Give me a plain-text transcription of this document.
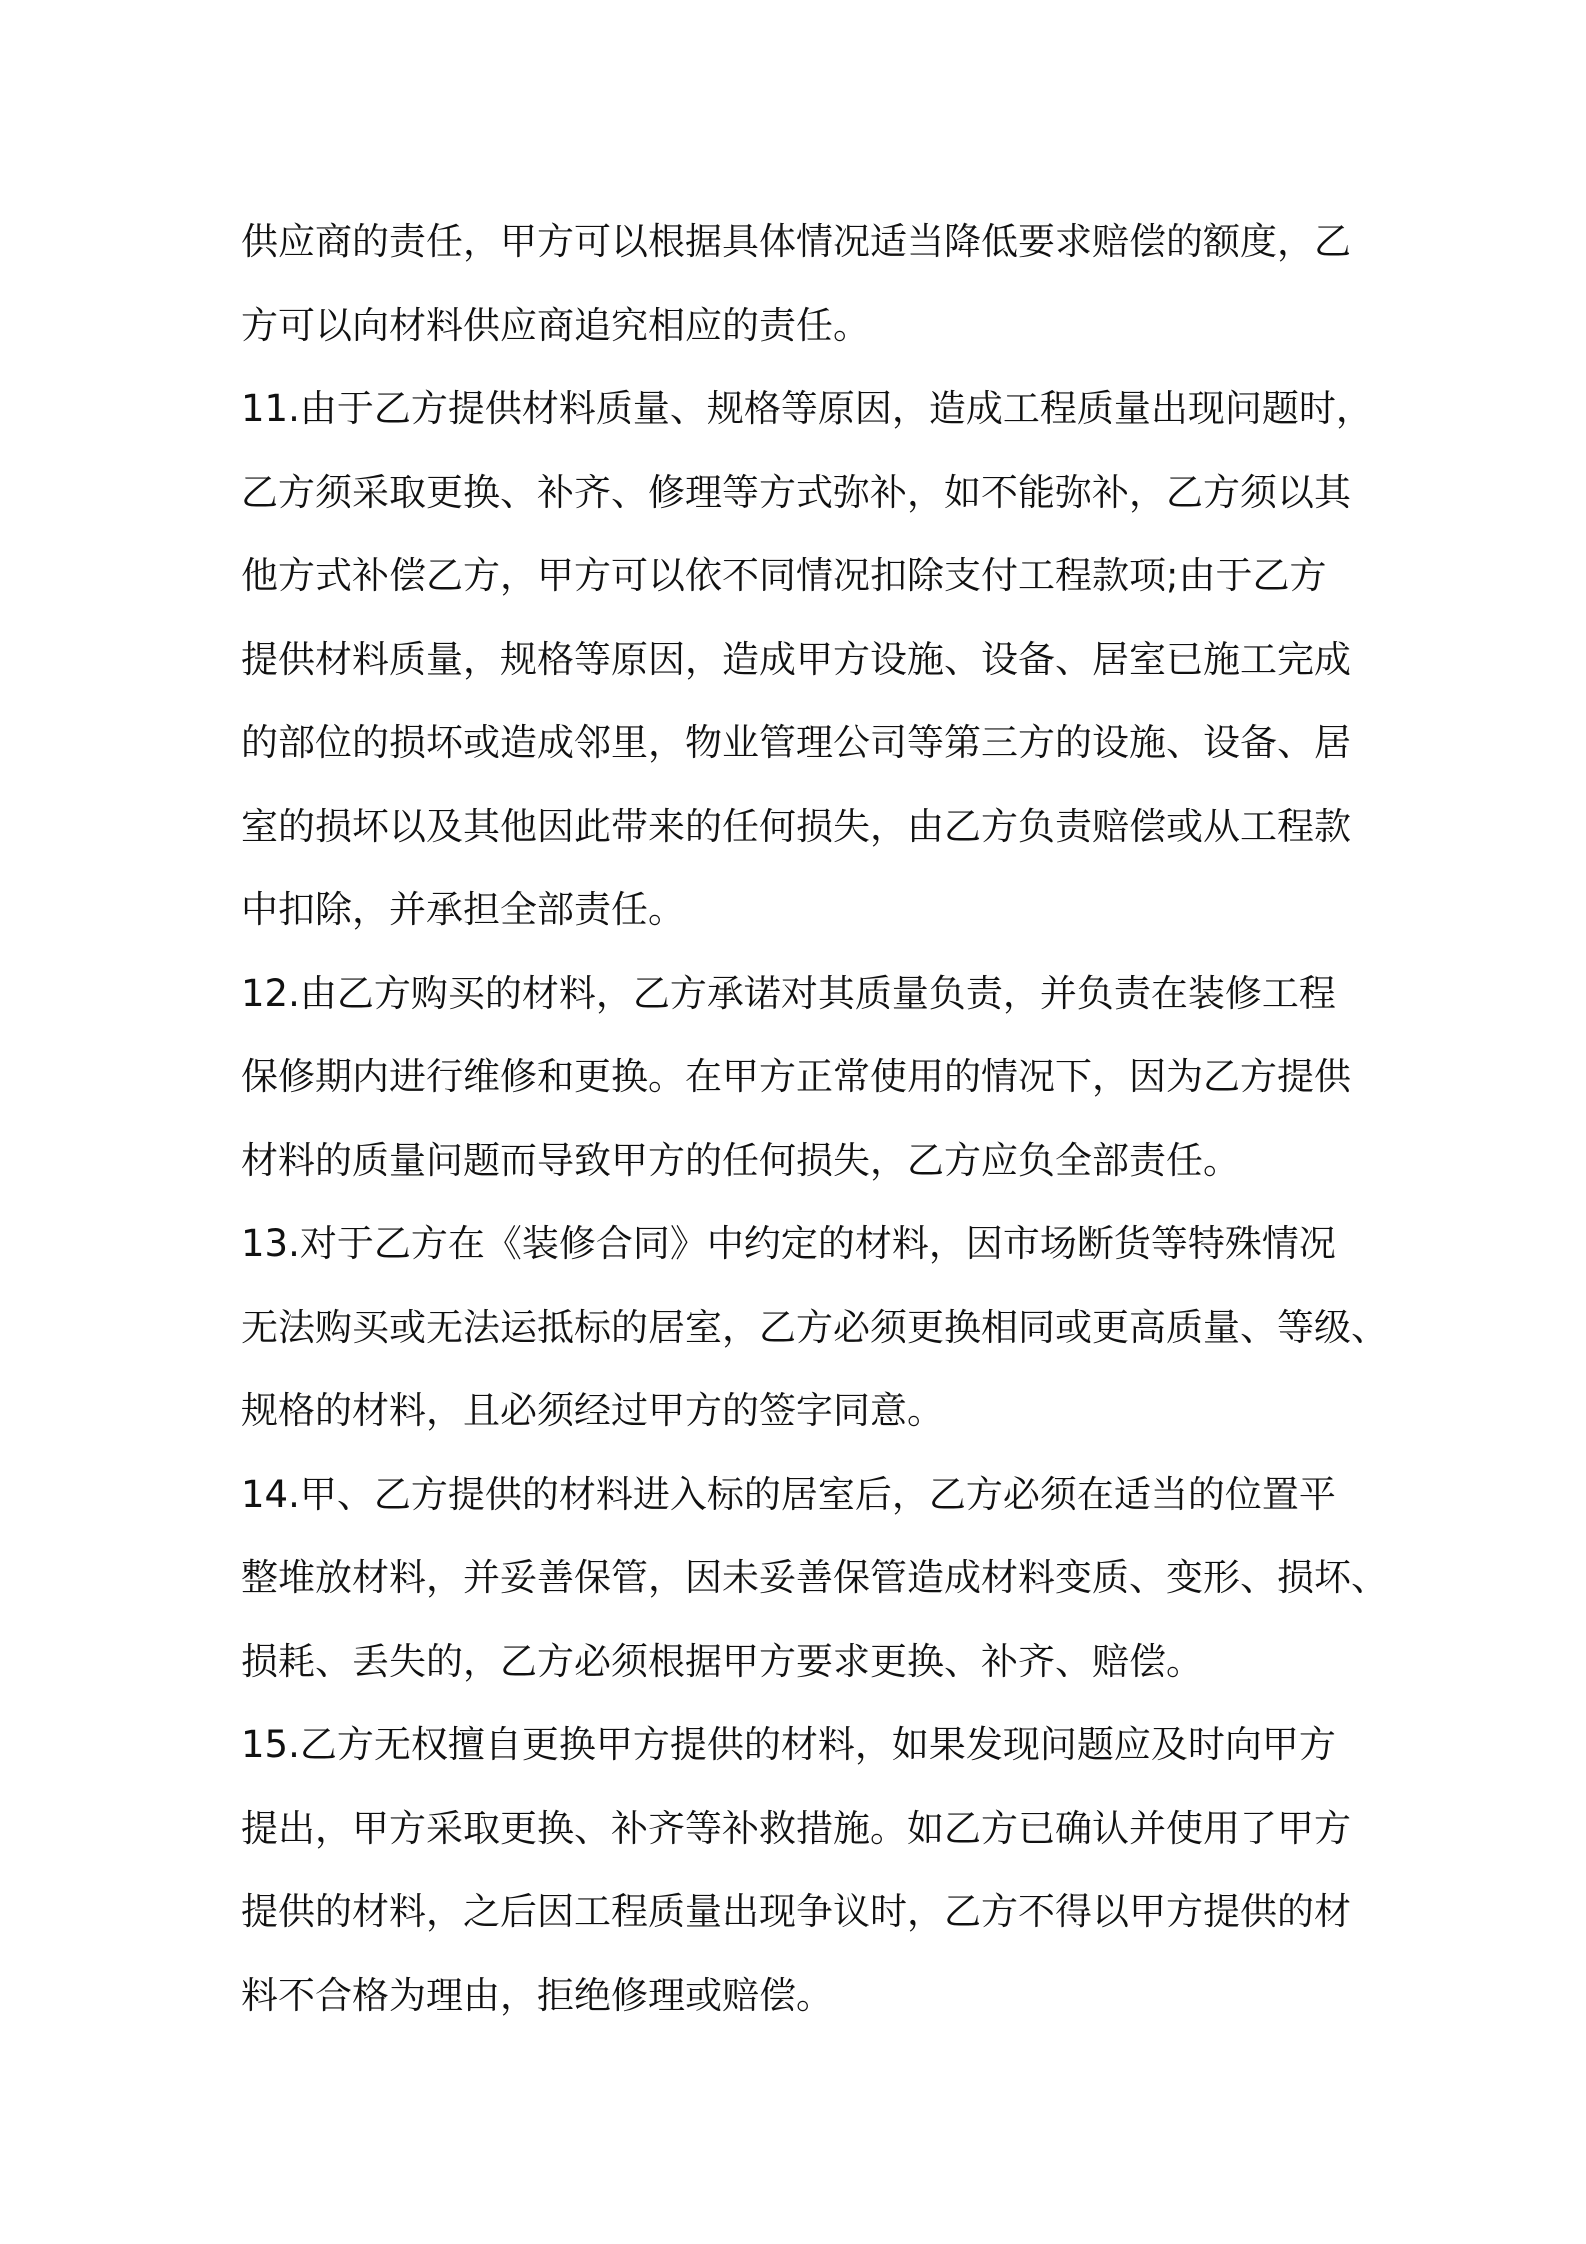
供应商的责任，甲方可以根据具体情况适当降低要求赔偿的额度，乙
方可以向材料供应商追究相应的责任。
11.由于乙方提供材料质量、规格等原因，造成工程质量出现问题时，
乙方须采取更换、补齐、修理等方式弥补，如不能弥补，乙方须以其
他方式补偿乙方，甲方可以依不同情况扣除支付工程款项;由于乙方
提供材料质量，规格等原因，造成甲方设施、设备、居室已施工完成
的部位的损坏或造成邻里，物业管理公司等第三方的设施、设备、居
室的损坏以及其他因此带来的任何损失，由乙方负责赔偿或从工程款
中扣除，并承担全部责任。
12.由乙方购买的材料，乙方承诺对其质量负责，并负责在装修工程
保修期内进行维修和更换。在甲方正常使用的情况下，因为乙方提供
材料的质量问题而导致甲方的任何损失，乙方应负全部责任。
13.对于乙方在《装修合同》中约定的材料，因市场断货等特殊情况
无法购买或无法运抵标的居室，乙方必须更换相同或更高质量、等级、
规格的材料，且必须经过甲方的签字同意。
14.甲、乙方提供的材料进入标的居室后，乙方必须在适当的位置平
整堆放材料，并妥善保管，因未妥善保管造成材料变质、变形、损坏、
损耗、丢失的，乙方必须根据甲方要求更换、补齐、赔偿。
15.乙方无权擅自更换甲方提供的材料，如果发现问题应及时向甲方
提出，甲方采取更换、补齐等补救措施。如乙方已确认并使用了甲方
提供的材料，之后因工程质量出现争议时，乙方不得以甲方提供的材
料不合格为理由，拒绝修理或赔偿。
